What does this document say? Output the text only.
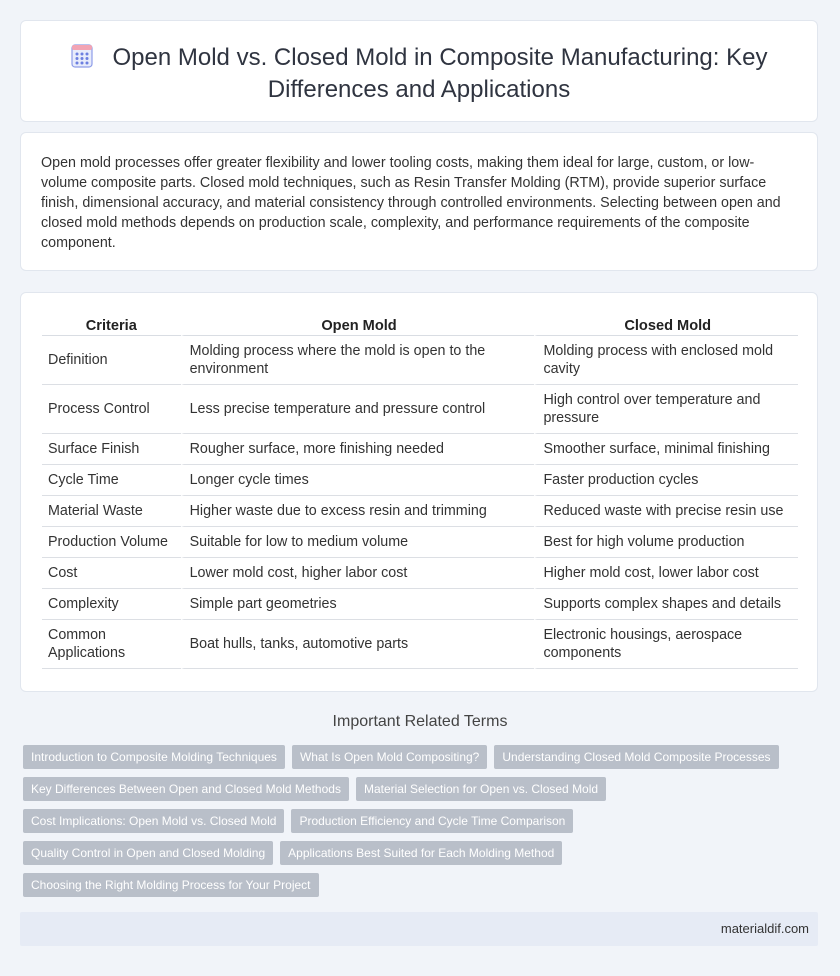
Open Mold vs. Closed Mold in Composite Manufacturing: Key Differences and Applications

Open mold processes offer greater flexibility and lower tooling costs, making them ideal for large, custom, or low-volume composite parts. Closed mold techniques, such as Resin Transfer Molding (RTM), provide superior surface finish, dimensional accuracy, and material consistency through controlled environments. Selecting between open and closed mold methods depends on production scale, complexity, and performance requirements of the composite component.

Criteria	Open Mold	Closed Mold
Definition	Molding process where the mold is open to the environment	Molding process with enclosed mold cavity
Process Control	Less precise temperature and pressure control	High control over temperature and pressure
Surface Finish	Rougher surface, more finishing needed	Smoother surface, minimal finishing
Cycle Time	Longer cycle times	Faster production cycles
Material Waste	Higher waste due to excess resin and trimming	Reduced waste with precise resin use
Production Volume	Suitable for low to medium volume	Best for high volume production
Cost	Lower mold cost, higher labor cost	Higher mold cost, lower labor cost
Complexity	Simple part geometries	Supports complex shapes and details
Common Applications	Boat hulls, tanks, automotive parts	Electronic housings, aerospace components
Important Related Terms
Introduction to Composite Molding Techniques	What Is Open Mold Compositing?	Understanding Closed Mold Composite Processes
Key Differences Between Open and Closed Mold Methods	Material Selection for Open vs. Closed Mold
Cost Implications: Open Mold vs. Closed Mold	Production Efficiency and Cycle Time Comparison
Quality Control in Open and Closed Molding	Applications Best Suited for Each Molding Method
Choosing the Right Molding Process for Your Project
materialdif.com
